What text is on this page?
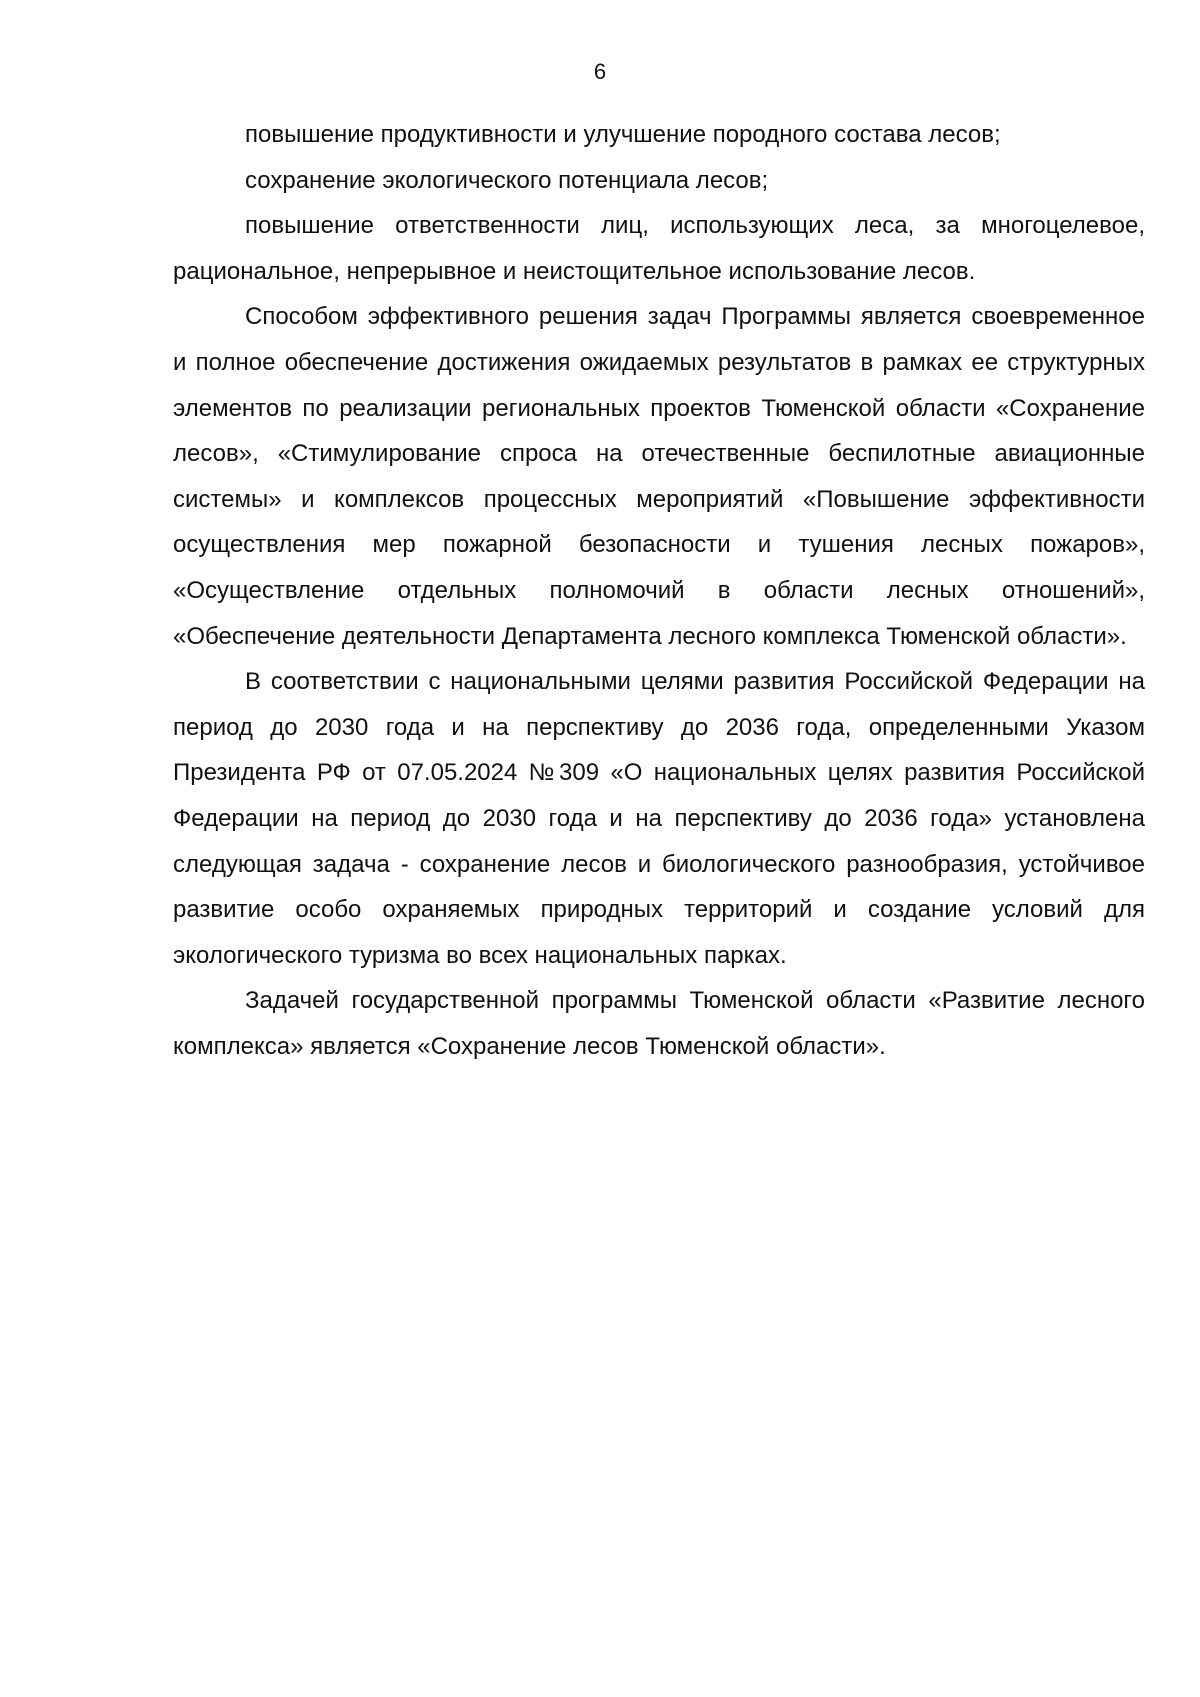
6

повышение продуктивности и улучшение породного состава лесов;

сохранение экологического потенциала лесов;

повышение ответственности лиц, использующих леса, за многоцелевое, рациональное, непрерывное и неистощительное использование лесов.

Способом эффективного решения задач Программы является своевременное и полное обеспечение достижения ожидаемых результатов в рамках ее структурных элементов по реализации региональных проектов Тюменской области «Сохранение лесов», «Стимулирование спроса на отечественные беспилотные авиационные системы» и комплексов процессных мероприятий «Повышение эффективности осуществления мер пожарной безопасности и тушения лесных пожаров», «Осуществление отдельных полномочий в области лесных отношений», «Обеспечение деятельности Департамента лесного комплекса Тюменской области».

В соответствии с национальными целями развития Российской Федерации на период до 2030 года и на перспективу до 2036 года, определенными Указом Президента РФ от 07.05.2024 №309 «О национальных целях развития Российской Федерации на период до 2030 года и на перспективу до 2036 года» установлена следующая задача - сохранение лесов и биологического разнообразия, устойчивое развитие особо охраняемых природных территорий и создание условий для экологического туризма во всех национальных парках.

Задачей государственной программы Тюменской области «Развитие лесного комплекса» является «Сохранение лесов Тюменской области».
